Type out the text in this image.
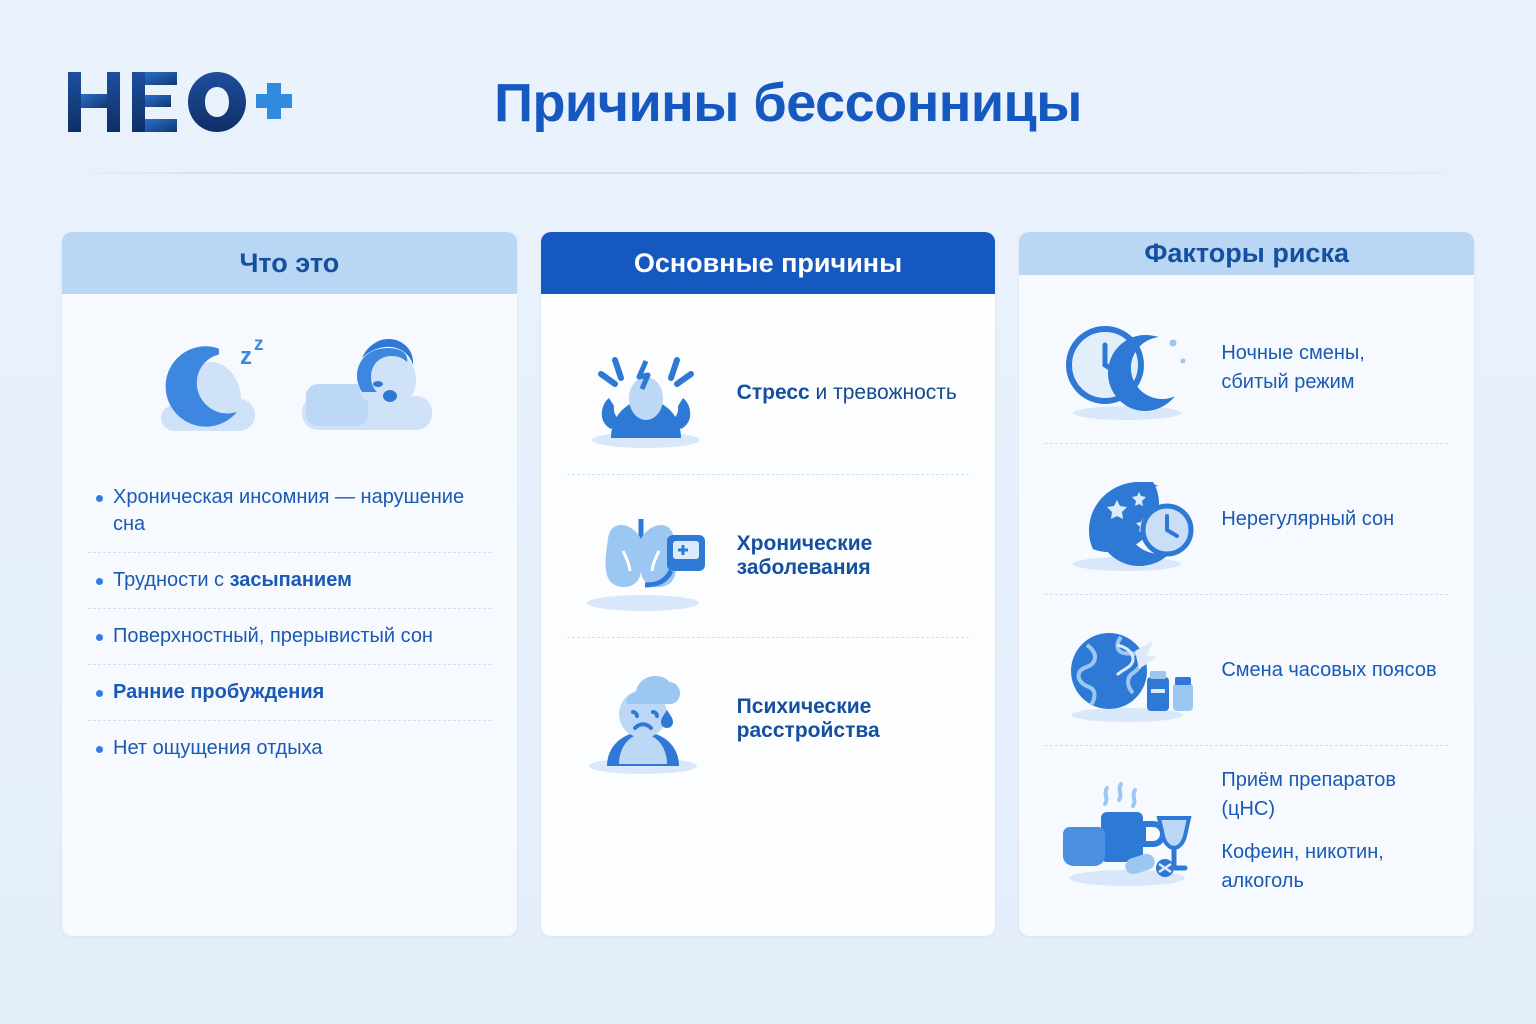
Причины бессонницы
Что это
z z
Хроническая инсомния — нарушение сна
Трудности с засыпанием
Поверхностный, прерывистый сон
Ранние пробуждения
Нет ощущения отдыха
Основные причины
Стресс и тревожность
Хронические заболевания
Психические расстройства
Факторы риска
Ночные смены,
сбитый режим
Нерегулярный сон
Смена часовых поясов
Приём препаратов (цНС)
Кофеин, никотин, алкоголь
